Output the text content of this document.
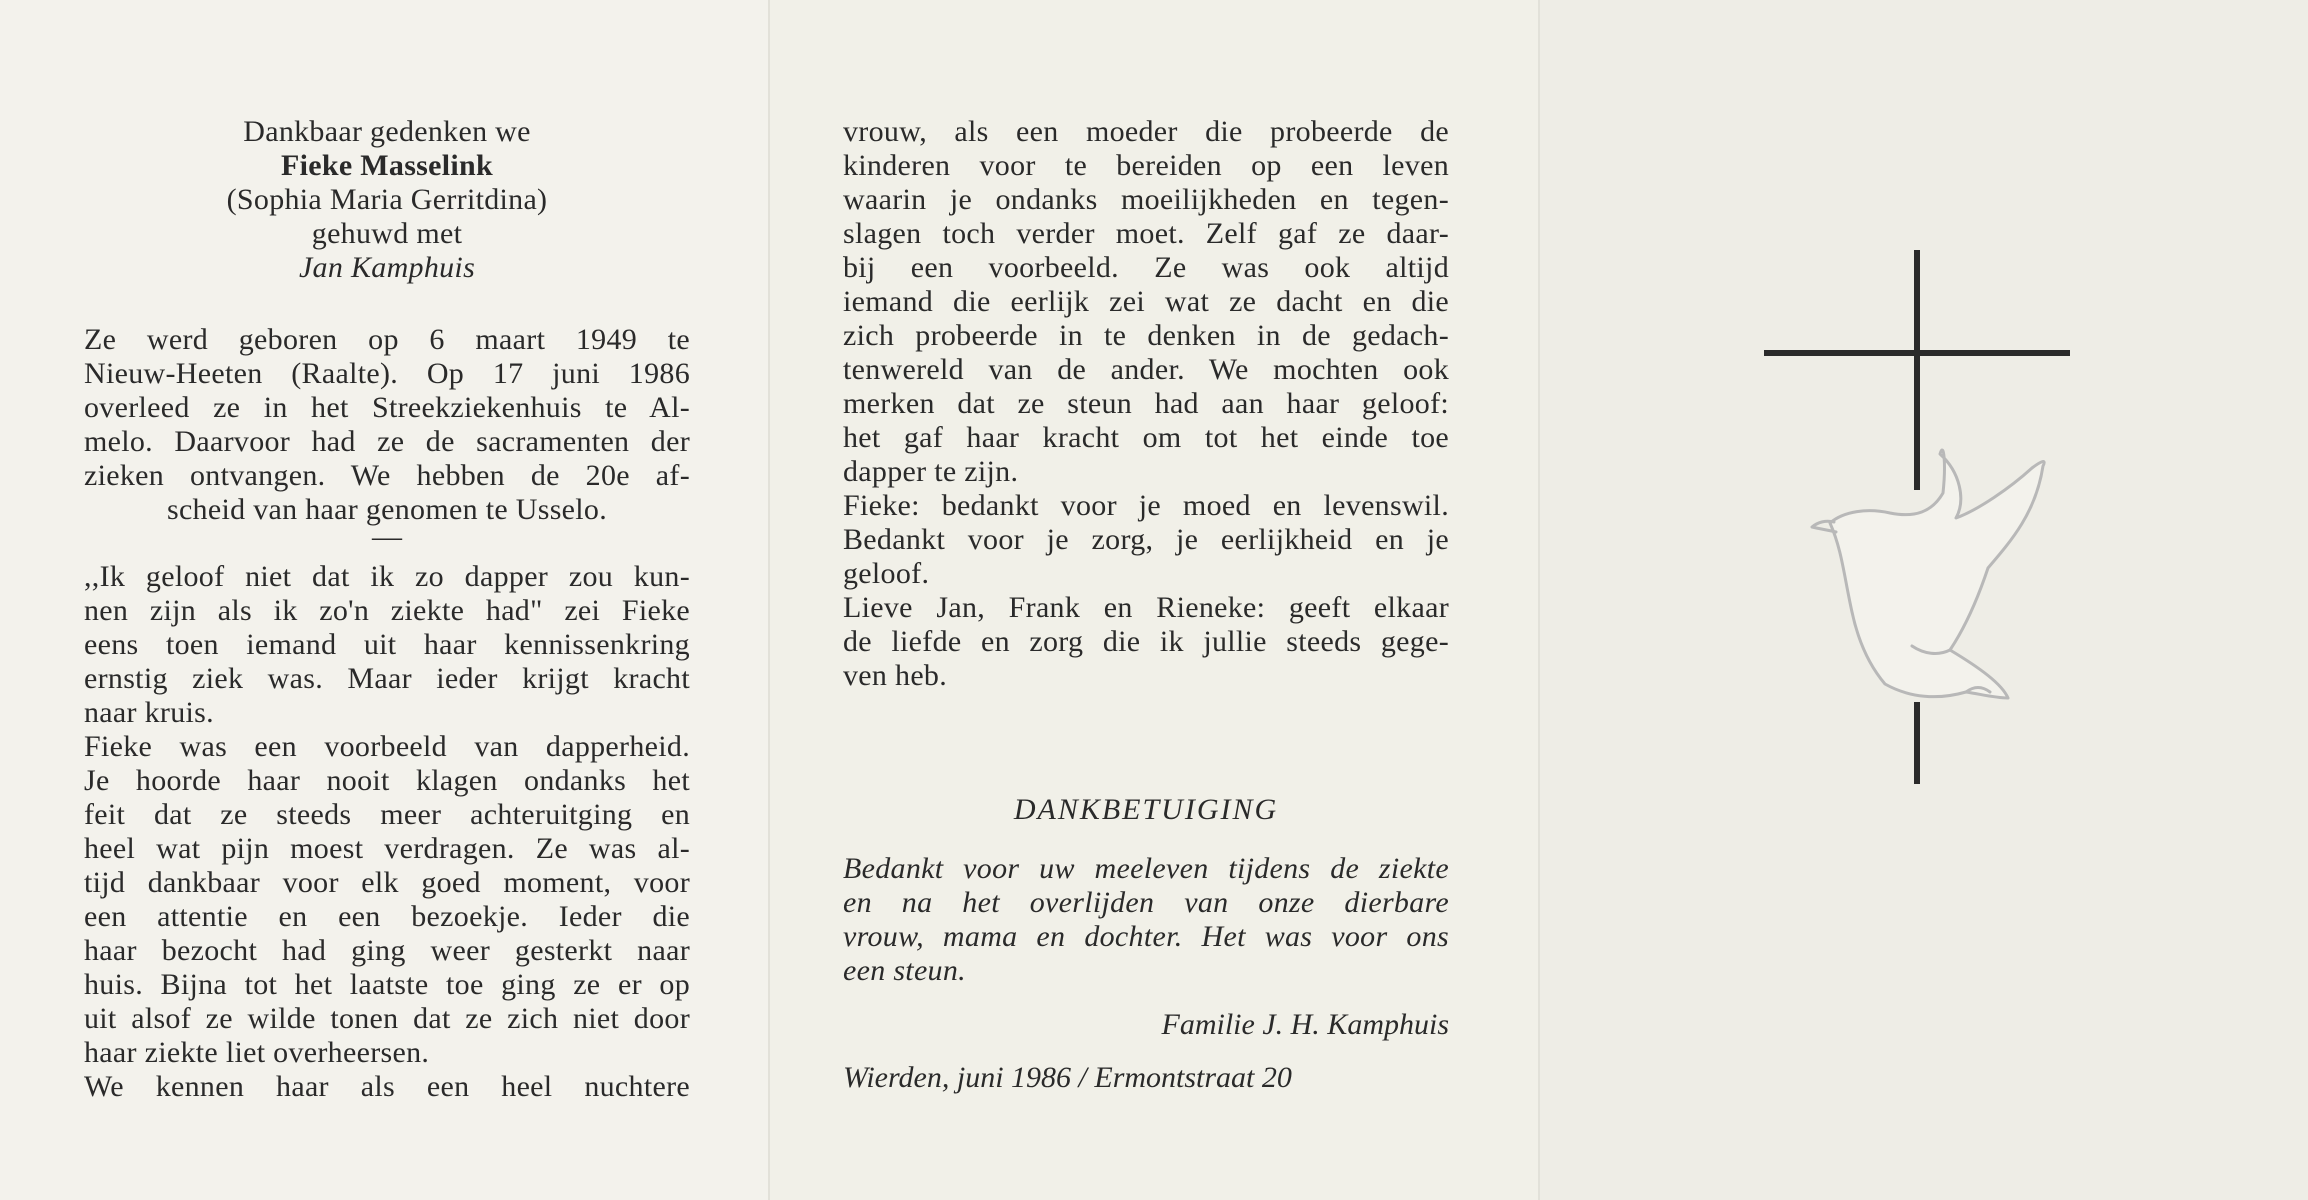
Dankbaar gedenken we
Fieke Masselink
(Sophia Maria Gerritdina)
gehuwd met
Jan Kamphuis
Ze werd geboren op 6 maart 1949 te
Nieuw-Heeten (Raalte). Op 17 juni 1986
overleed ze in het Streekziekenhuis te Al-
melo. Daarvoor had ze de sacramenten der
zieken ontvangen. We hebben de 20e af-
scheid van haar genomen te Usselo.
—
,,Ik geloof niet dat ik zo dapper zou kun-
nen zijn als ik zo'n ziekte had" zei Fieke
eens toen iemand uit haar kennissenkring
ernstig ziek was. Maar ieder krijgt kracht
naar kruis.
Fieke was een voorbeeld van dapperheid.
Je hoorde haar nooit klagen ondanks het
feit dat ze steeds meer achteruitging en
heel wat pijn moest verdragen. Ze was al-
tijd dankbaar voor elk goed moment, voor
een attentie en een bezoekje. Ieder die
haar bezocht had ging weer gesterkt naar
huis. Bijna tot het laatste toe ging ze er op
uit alsof ze wilde tonen dat ze zich niet door
haar ziekte liet overheersen.
We kennen haar als een heel nuchtere
vrouw, als een moeder die probeerde de
kinderen voor te bereiden op een leven
waarin je ondanks moeilijkheden en tegen-
slagen toch verder moet. Zelf gaf ze daar-
bij een voorbeeld. Ze was ook altijd
iemand die eerlijk zei wat ze dacht en die
zich probeerde in te denken in de gedach-
tenwereld van de ander. We mochten ook
merken dat ze steun had aan haar geloof:
het gaf haar kracht om tot het einde toe
dapper te zijn.
Fieke: bedankt voor je moed en levenswil.
Bedankt voor je zorg, je eerlijkheid en je
geloof.
Lieve Jan, Frank en Rieneke: geeft elkaar
de liefde en zorg die ik jullie steeds gege-
ven heb.
DANKBETUIGING
Bedankt voor uw meeleven tijdens de ziekte
en na het overlijden van onze dierbare
vrouw, mama en dochter. Het was voor ons
een steun.
Familie J. H. Kamphuis
Wierden, juni 1986 / Ermontstraat 20
